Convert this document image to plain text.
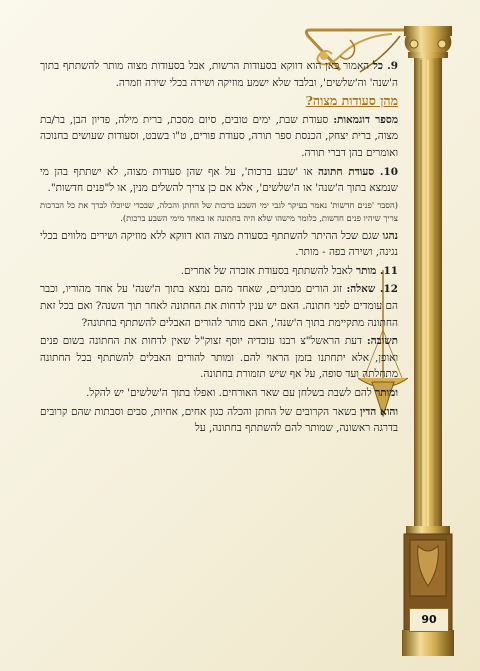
90

9. כל האמור כאן הוא דווקא בסעודות הרשות, אבל בסעודות מצוה מותר להשתתף בתוך ה'שנה' וה'שלשים', ובלבד שלא ישמע מוזיקה ושירה בכלי שירה וזמרה.

מהן סעודות מצוה?

מספר דוגמאות: סעודת שבת, ימים טובים, סיום מסכת, ברית מילה, פדיון הבן, בר/בת מצוה, ברית יצחק, הכנסת ספר תורה, סעודת פורים, ט"ו בשבט, וסעודות שעושים בחנוכה ואומרים בהן דברי תורה.

10. סעודת חתונה או 'שבע ברכות', על אף שהן סעודות מצוה, לא ישתתף בהן מי שנמצא בתוך ה'שנה' או ה'שלשים', אלא אם כן צריך להשלים מנין, או ל"פנים חדשות".

(הסבר 'פנים חדשות' נאמר בעיקר לגבי ימי השבע ברכות של החתן והכלה, שבכדי שיוכלו לברך את כל הברכות צריך שיהיו פנים חדשות, כלומר מישהו שלא היה בחתונה או באחד מימי השבע ברכות).

נהגו שגם שכל ההיתר להשתתף בסעודת מצוה הוא דווקא ללא מוזיקה ושירים מלווים בכלי נגינה, ושירה בפה - מותר.

11. מותר לאבל להשתתף בסעודת אזכרה של אחרים.

12. שאלה: זוג הורים מבוגרים, שאחד מהם נמצא בתוך ה'שנה' על אחד מהוריו, וכבר הם עומדים לפני חתונה. האם יש ענין לדחות את החתונה לאחר תוך השנה? ואם בכל זאת החתונה מתקיימת בתוך ה'שנה', האם מותר להורים האבלים להשתתף בחתונה?

תשובה: דעת הראשל"צ רבנו עובדיה יוסף זצוק"ל שאין לדחות את החתונה בשום פנים ואופן, אלא יתחתנו בזמן הראוי להם. ומותר להורים האבלים להשתתף בכל החתונה מתחלתה ועד סופה, על אף שיש תזמורת בחתונה.

ומותר להם לשבת בשלחן עם שאר האורחים. ואפלו בתוך ה'שלשים' יש להקל.

והוא הדין בשאר הקרובים של החתן והכלה כגון אחים, אחיות, סבים וסבתות שהם קרובים בדרגה ראשונה, שמותר להם להשתתף בחתונה, על
